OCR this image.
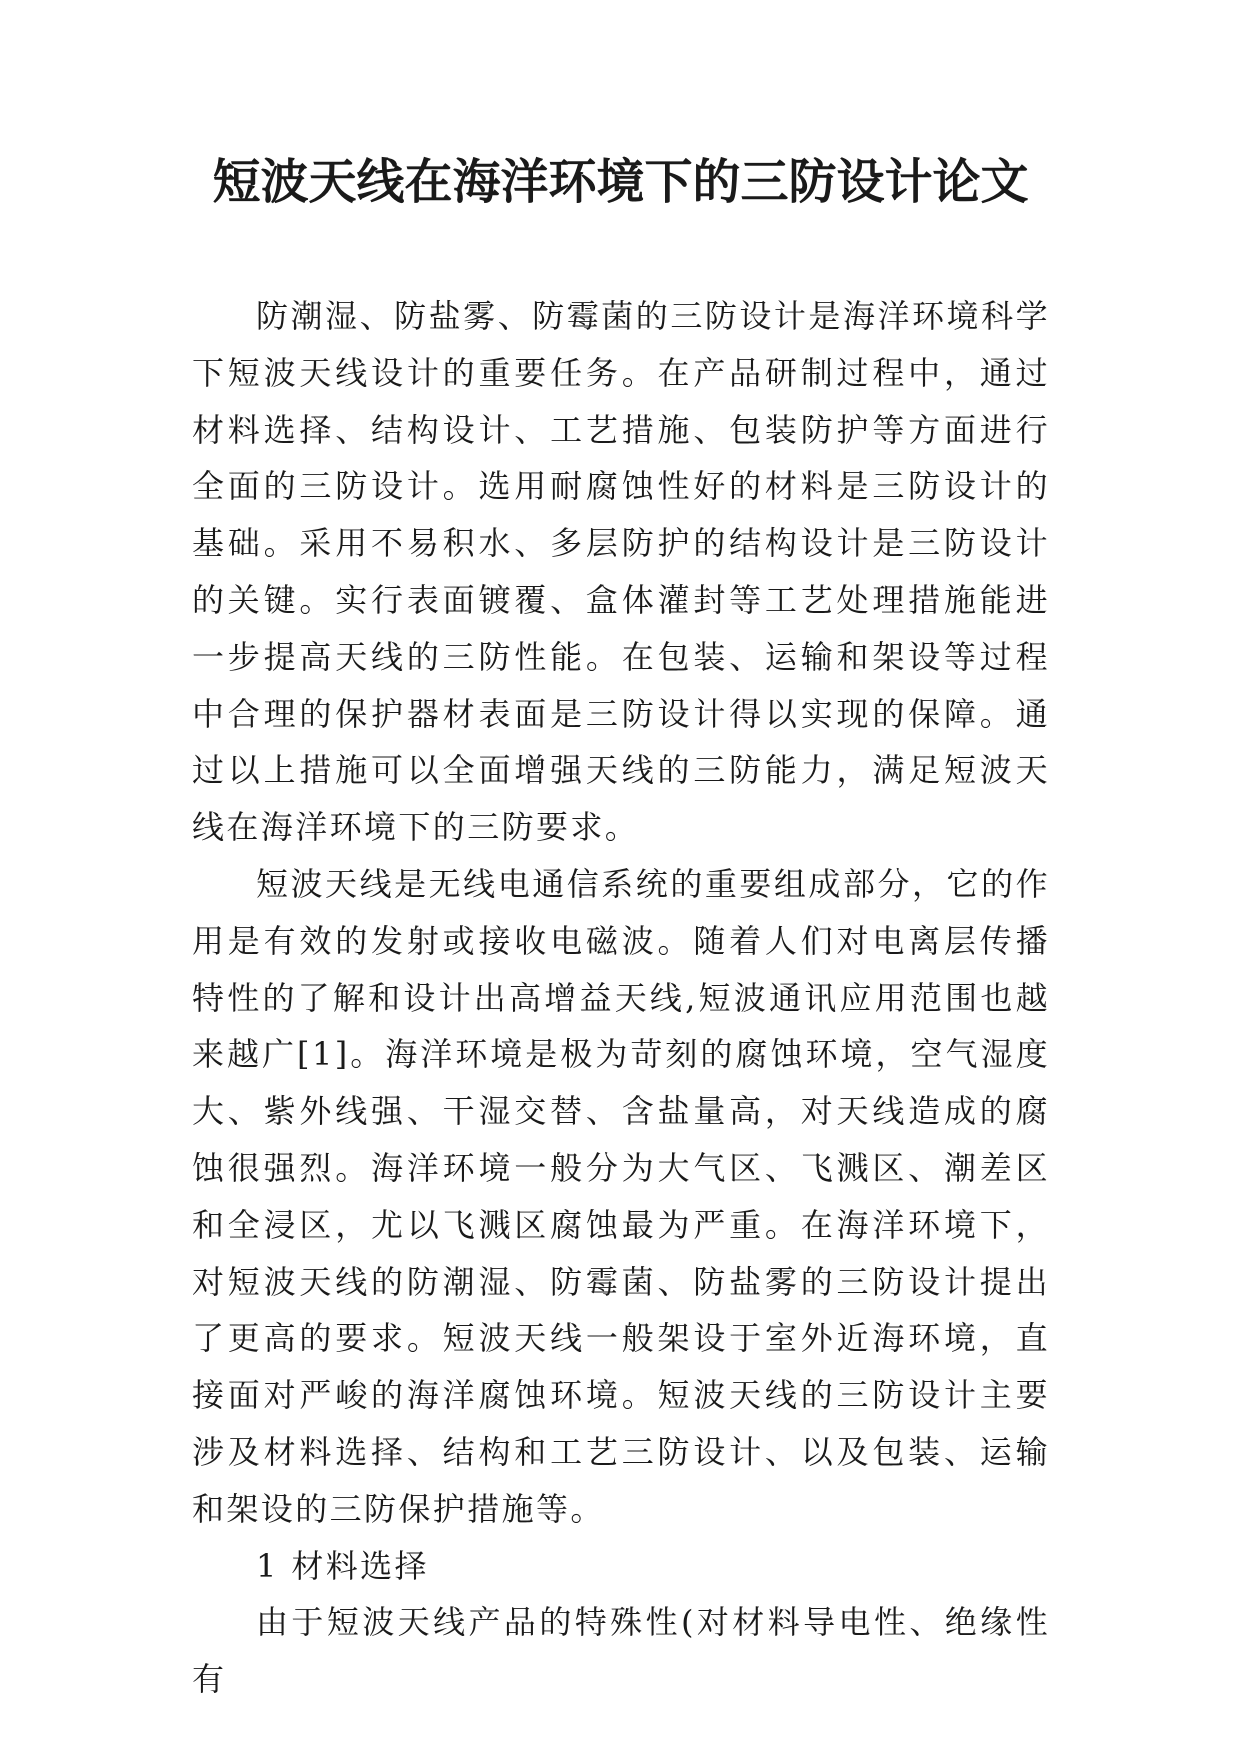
短波天线在海洋环境下的三防设计论文

防潮湿、防盐雾、防霉菌的三防设计是海洋环境科学下短波天线设计的重要任务。在产品研制过程中，通过材料选择、结构设计、工艺措施、包装防护等方面进行全面的三防设计。选用耐腐蚀性好的材料是三防设计的基础。采用不易积水、多层防护的结构设计是三防设计的关键。实行表面镀覆、盒体灌封等工艺处理措施能进一步提高天线的三防性能。在包装、运输和架设等过程中合理的保护器材表面是三防设计得以实现的保障。通过以上措施可以全面增强天线的三防能力，满足短波天线在海洋环境下的三防要求。

短波天线是无线电通信系统的重要组成部分，它的作用是有效的发射或接收电磁波。随着人们对电离层传播特性的了解和设计出高增益天线,短波通讯应用范围也越来越广[1]。海洋环境是极为苛刻的腐蚀环境，空气湿度大、紫外线强、干湿交替、含盐量高，对天线造成的腐蚀很强烈。海洋环境一般分为大气区、飞溅区、潮差区和全浸区，尤以飞溅区腐蚀最为严重。在海洋环境下，对短波天线的防潮湿、防霉菌、防盐雾的三防设计提出了更高的要求。短波天线一般架设于室外近海环境，直接面对严峻的海洋腐蚀环境。短波天线的三防设计主要涉及材料选择、结构和工艺三防设计、以及包装、运输和架设的三防保护措施等。

1 材料选择

由于短波天线产品的特殊性(对材料导电性、绝缘性有
